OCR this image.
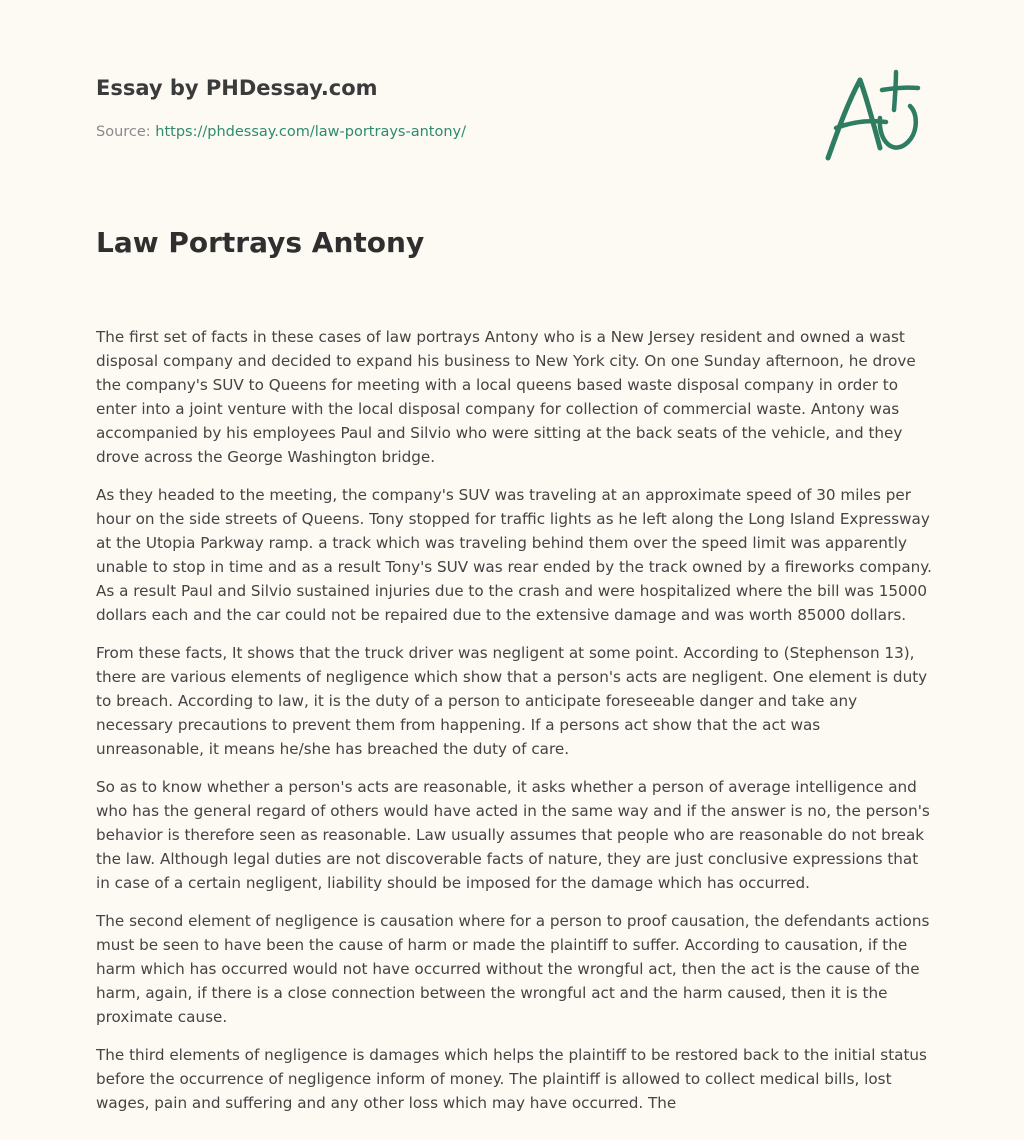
Essay by PHDessay.com
Source: https://phdessay.com/law-portrays-antony/
Law Portrays Antony

The first set of facts in these cases of law portrays Antony who is a New Jersey resident and owned a wast disposal company and decided to expand his business to New York city. On one Sunday afternoon, he drove the company's SUV to Queens for meeting with a local queens based waste disposal company in order to enter into a joint venture with the local disposal company for collection of commercial waste. Antony was accompanied by his employees Paul and Silvio who were sitting at the back seats of the vehicle, and they drove across the George Washington bridge.

As they headed to the meeting, the company's SUV was traveling at an approximate speed of 30 miles per hour on the side streets of Queens. Tony stopped for traffic lights as he left along the Long Island Expressway at the Utopia Parkway ramp. a track which was traveling behind them over the speed limit was apparently unable to stop in time and as a result Tony's SUV was rear ended by the track owned by a fireworks company. As a result Paul and Silvio sustained injuries due to the crash and were hospitalized where the bill was 15000 dollars each and the car could not be repaired due to the extensive damage and was worth 85000 dollars.

From these facts, It shows that the truck driver was negligent at some point. According to (Stephenson 13), there are various elements of negligence which show that a person's acts are negligent. One element is duty to breach. According to law, it is the duty of a person to anticipate foreseeable danger and take any necessary precautions to prevent them from happening. If a persons act show that the act was unreasonable, it means he/she has breached the duty of care.

So as to know whether a person's acts are reasonable, it asks whether a person of average intelligence and who has the general regard of others would have acted in the same way and if the answer is no, the person's behavior is therefore seen as reasonable. Law usually assumes that people who are reasonable do not break the law. Although legal duties are not discoverable facts of nature, they are just conclusive expressions that in case of a certain negligent, liability should be imposed for the damage which has occurred.

The second element of negligence is causation where for a person to proof causation, the defendants actions must be seen to have been the cause of harm or made the plaintiff to suffer. According to causation, if the harm which has occurred would not have occurred without the wrongful act, then the act is the cause of the harm, again, if there is a close connection between the wrongful act and the harm caused, then it is the proximate cause.

The third elements of negligence is damages which helps the plaintiff to be restored back to the initial status before the occurrence of negligence inform of money. The plaintiff is allowed to collect medical bills, lost wages, pain and suffering and any other loss which may have occurred. The
